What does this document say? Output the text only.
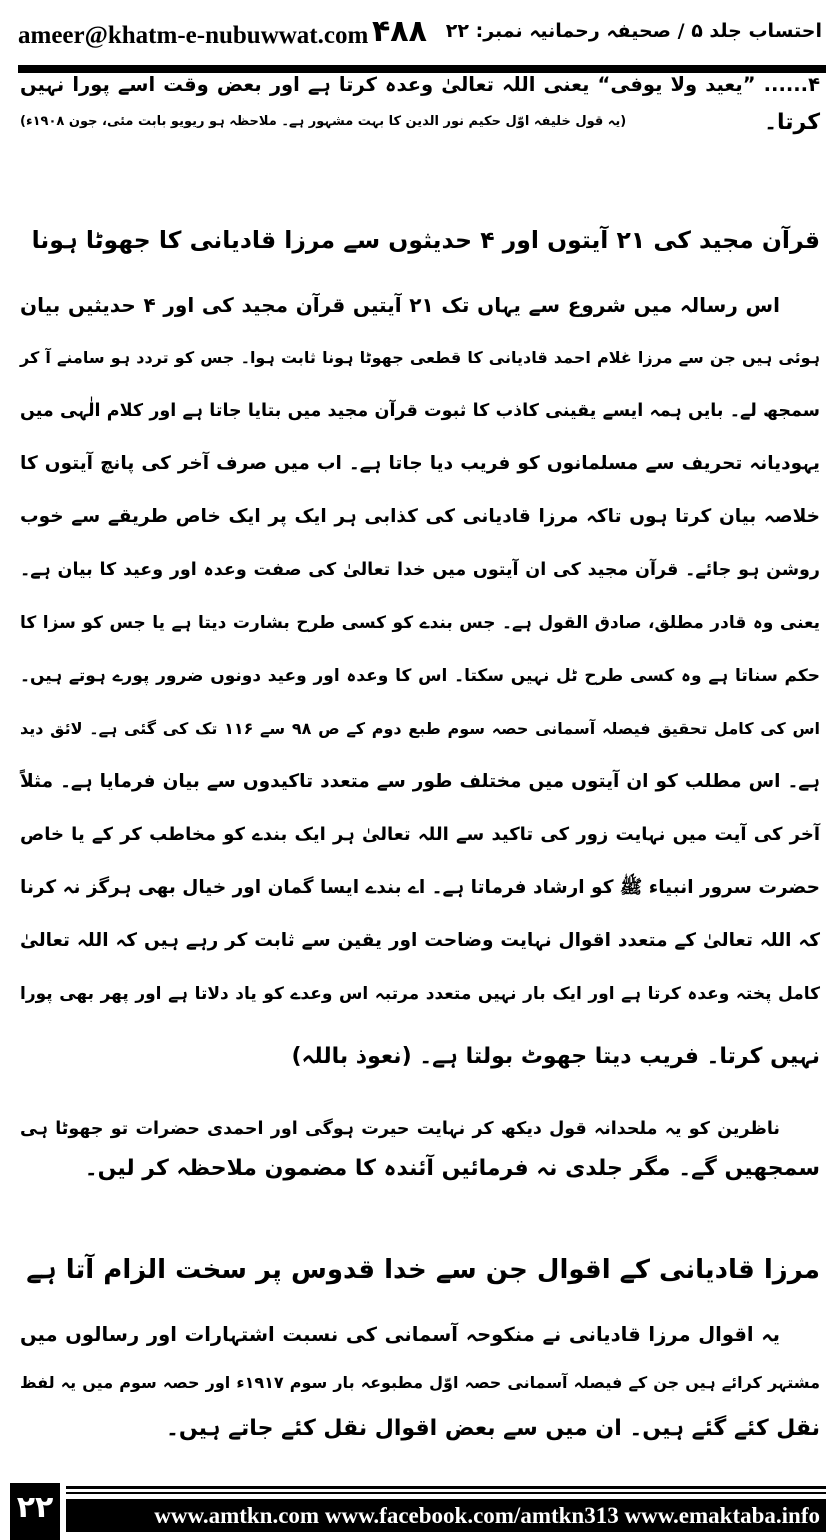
ameer@khatm-e-nubuwwat.com ۴۸۸ احتساب جلد ۵ / صحیفہ رحمانیہ نمبر: ۲۲
۴...... ”یعید ولا یوفی“ یعنی اللہ تعالیٰ وعدہ کرتا ہے اور بعض وقت اسے پورا نہیں
کرتا۔
(یہ قول خلیفہ اوّل حکیم نور الدین کا بہت مشہور ہے۔ ملاحظہ ہو ریویو بابت مئی، جون ۱۹۰۸ء)
قرآن مجید کی ۲۱ آیتوں اور ۴ حدیثوں سے مرزا قادیانی کا جھوٹا ہونا
اس رسالہ میں شروع سے یہاں تک ۲۱ آیتیں قرآن مجید کی اور ۴ حدیثیں بیان
ہوئی ہیں جن سے مرزا غلام احمد قادیانی کا قطعی جھوٹا ہونا ثابت ہوا۔ جس کو تردد ہو سامنے آ کر
سمجھ لے۔ بایں ہمہ ایسے یقینی کاذب کا ثبوت قرآن مجید میں بتایا جاتا ہے اور کلام الٰہی میں
یہودیانہ تحریف سے مسلمانوں کو فریب دیا جاتا ہے۔ اب میں صرف آخر کی پانچ آیتوں کا
خلاصہ بیان کرتا ہوں تاکہ مرزا قادیانی کی کذابی ہر ایک پر ایک خاص طریقے سے خوب
روشن ہو جائے۔ قرآن مجید کی ان آیتوں میں خدا تعالیٰ کی صفت وعدہ اور وعید کا بیان ہے۔
یعنی وہ قادر مطلق، صادق القول ہے۔ جس بندے کو کسی طرح بشارت دیتا ہے یا جس کو سزا کا
حکم سناتا ہے وہ کسی طرح ٹل نہیں سکتا۔ اس کا وعدہ اور وعید دونوں ضرور پورے ہوتے ہیں۔
اس کی کامل تحقیق فیصلہ آسمانی حصہ سوم طبع دوم کے ص ۹۸ سے ۱۱۶ تک کی گئی ہے۔ لائق دید
ہے۔ اس مطلب کو ان آیتوں میں مختلف طور سے متعدد تاکیدوں سے بیان فرمایا ہے۔ مثلاً
آخر کی آیت میں نہایت زور کی تاکید سے اللہ تعالیٰ ہر ایک بندے کو مخاطب کر کے یا خاص
حضرت سرور انبیاء ﷺ کو ارشاد فرماتا ہے۔ اے بندے ایسا گمان اور خیال بھی ہرگز نہ کرنا
کہ اللہ تعالیٰ کے متعدد اقوال نہایت وضاحت اور یقین سے ثابت کر رہے ہیں کہ اللہ تعالیٰ
کامل پختہ وعدہ کرتا ہے اور ایک بار نہیں متعدد مرتبہ اس وعدے کو یاد دلاتا ہے اور پھر بھی پورا
نہیں کرتا۔ فریب دیتا جھوٹ بولتا ہے۔ (نعوذ باللہ)
ناظرین کو یہ ملحدانہ قول دیکھ کر نہایت حیرت ہوگی اور احمدی حضرات تو جھوٹا ہی
سمجھیں گے۔ مگر جلدی نہ فرمائیں آئندہ کا مضمون ملاحظہ کر لیں۔
مرزا قادیانی کے اقوال جن سے خدا قدوس پر سخت الزام آتا ہے
یہ اقوال مرزا قادیانی نے منکوحہ آسمانی کی نسبت اشتہارات اور رسالوں میں
مشتہر کرائے ہیں جن کے فیصلہ آسمانی حصہ اوّل مطبوعہ بار سوم ۱۹۱۷ء اور حصہ سوم میں یہ لفظ
نقل کئے گئے ہیں۔ ان میں سے بعض اقوال نقل کئے جاتے ہیں۔
۲۲	www.amtkn.com www.facebook.com/amtkn313 www.emaktaba.info
